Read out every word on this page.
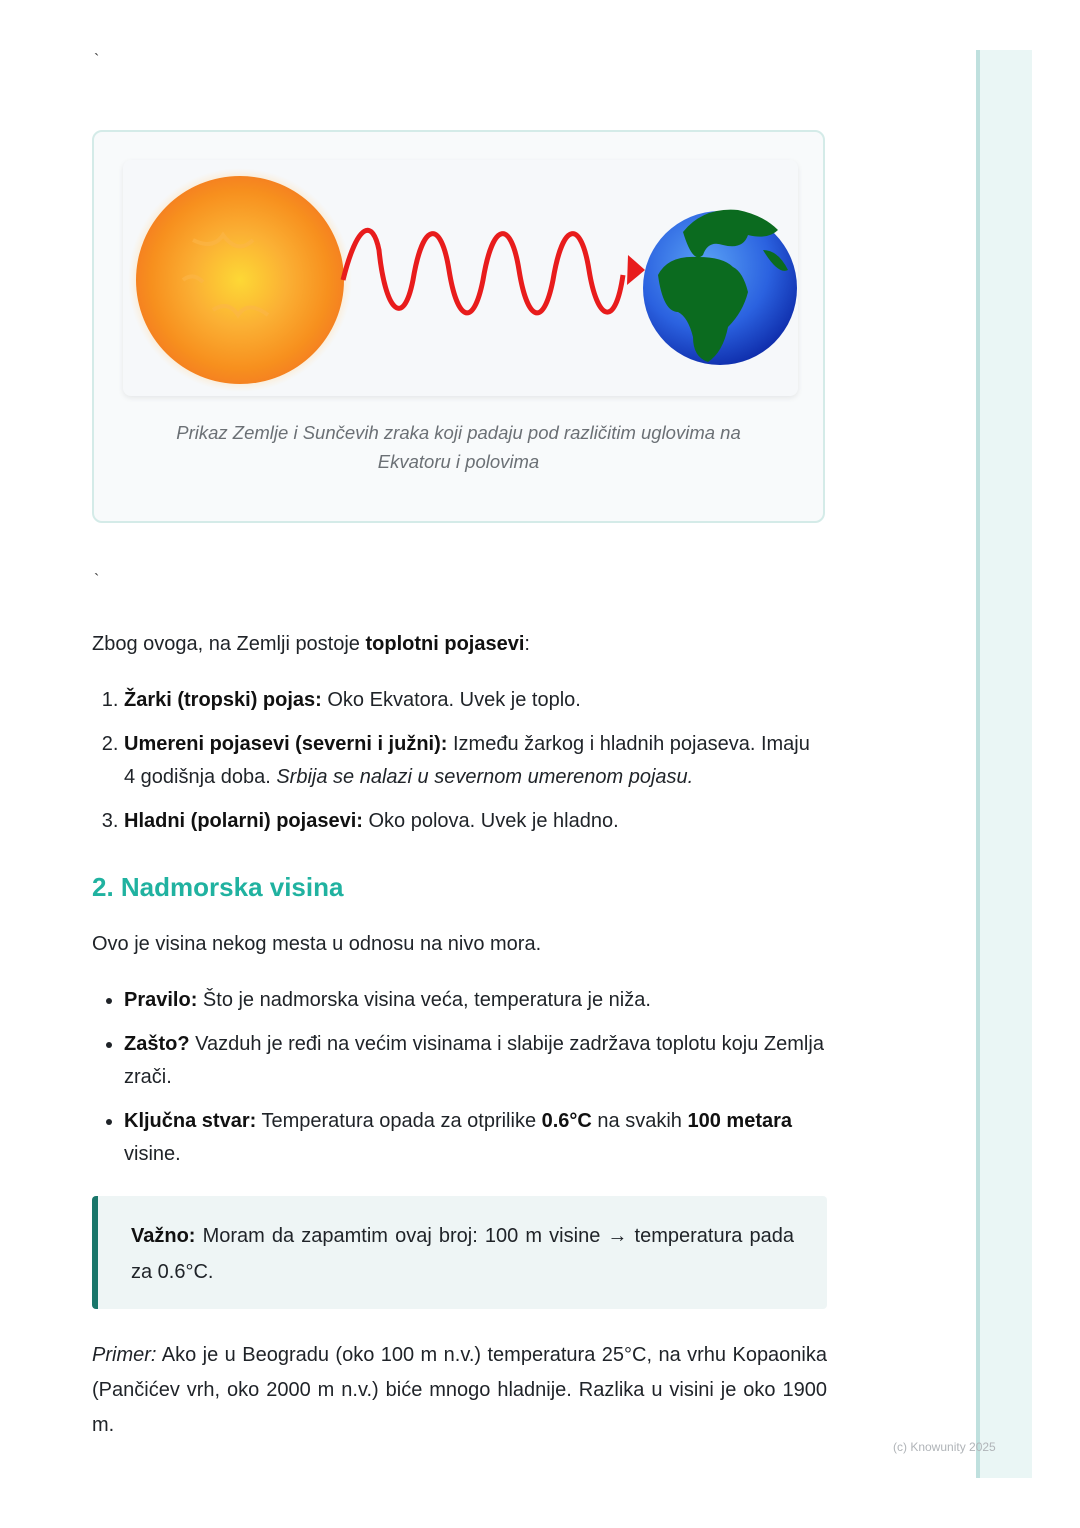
`
Prikaz Zemlje i Sunčevih zraka koji padaju pod različitim uglovima na
Ekvatoru i polovima
`
Zbog ovoga, na Zemlji postoje toplotni pojasevi:
1. Žarki (tropski) pojas: Oko Ekvatora. Uvek je toplo.
2. Umereni pojasevi (severni i južni): Između žarkog i hladnih pojaseva. Imaju 4 godišnja doba. Srbija se nalazi u severnom umerenom pojasu.
3. Hladni (polarni) pojasevi: Oko polova. Uvek je hladno.
2. Nadmorska visina
Ovo je visina nekog mesta u odnosu na nivo mora.
• Pravilo: Što je nadmorska visina veća, temperatura je niža.
• Zašto? Vazduh je ređi na većim visinama i slabije zadržava toplotu koju Zemlja zrači.
• Ključna stvar: Temperatura opada za otprilike 0.6°C na svakih 100 metara visine.
Važno: Moram da zapamtim ovaj broj: 100 m visine → temperatura pada za 0.6°C.
Primer: Ako je u Beogradu (oko 100 m n.v.) temperatura 25°C, na vrhu Kopaonika (Pančićev vrh, oko 2000 m n.v.) biće mnogo hladnije. Razlika u visini je oko 1900 m.
(c) Knowunity 2025
